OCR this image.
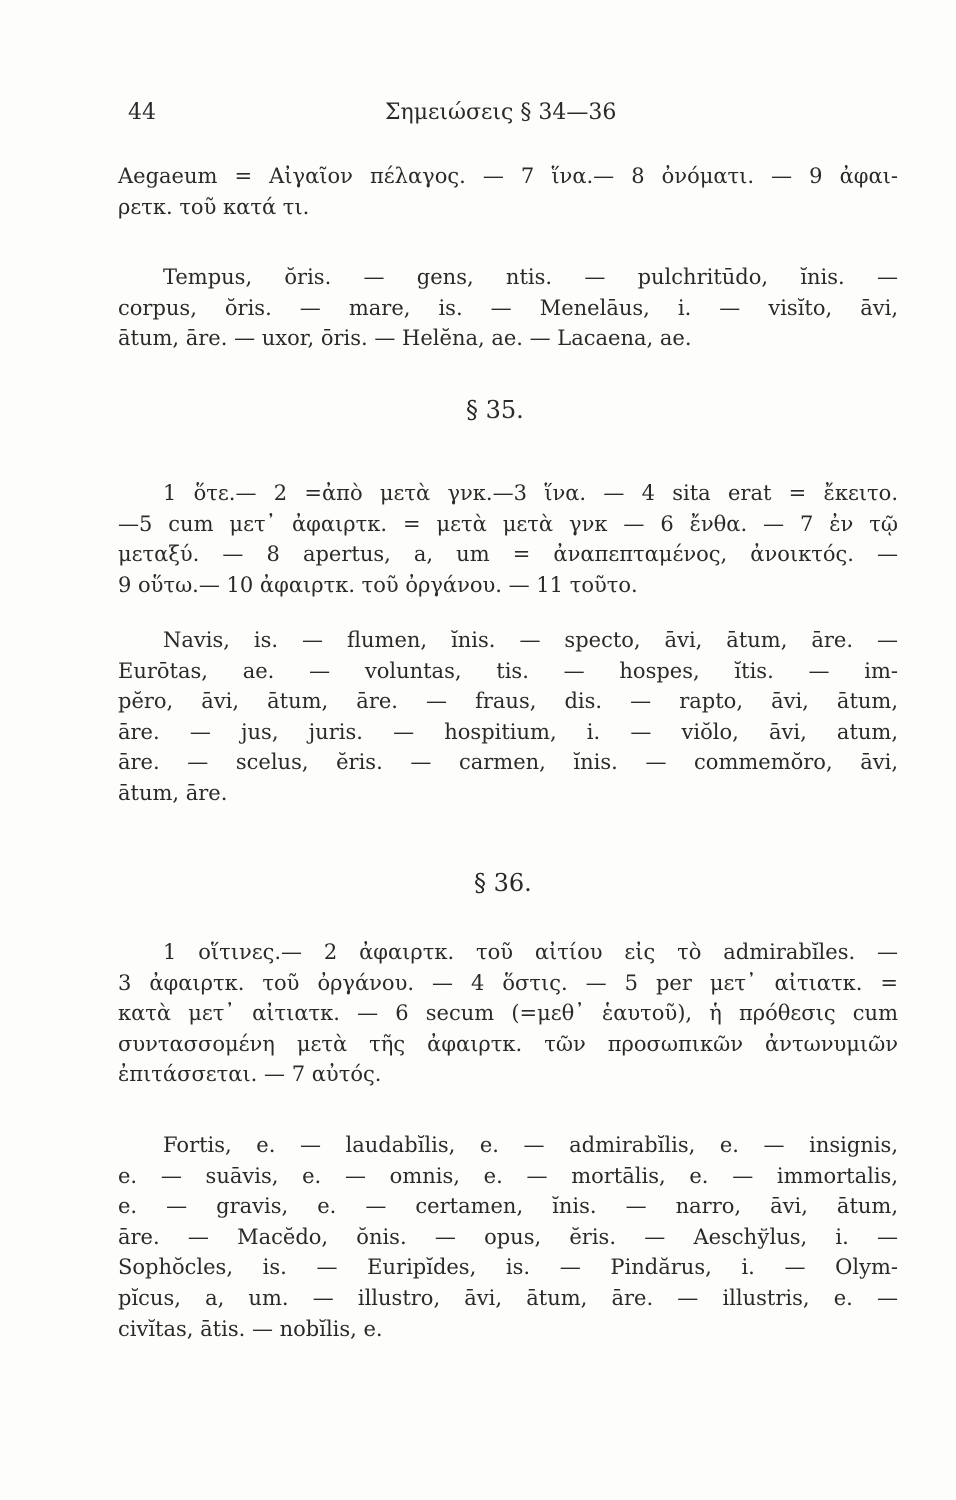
44	Σημειώσεις § 34—36
Aegaeum = Αἰγαῖον πέλαγος. — 7 ἵνα.— 8 ὀνόματι. — 9 ἀφαι-
ρετκ. τοῦ κατά τι.
Tempus, ŏris. — gens, ntis. — pulchritūdo, ĭnis. —
corpus, ŏris. — mare, is. — Menelāus, i. — visĭto, āvi,
ātum, āre. — uxor, ōris. — Helĕna, ae. — Lacaena, ae.
§ 35.
1 ὅτε.— 2 =ἀπὸ μετὰ γνκ.—3 ἵνα. — 4 sita erat = ἔκειτο.
—5 cum μετ᾿ ἀφαιρτκ. = μετὰ μετὰ γνκ — 6 ἔνθα. — 7 ἐν τῷ
μεταξύ. — 8 apertus, a, um = ἀναπεπταμένος, ἀνοικτός. —
9 οὕτω.— 10 ἀφαιρτκ. τοῦ ὀργάνου. — 11 τοῦτο.
Navis, is. — flumen, ĭnis. — specto, āvi, ātum, āre. —
Eurōtas, ae. — voluntas, tis. — hospes, ĭtis. — im-
pĕro, āvi, ātum, āre. — fraus, dis. — rapto, āvi, ātum,
āre. — jus, juris. — hospitium, i. — viŏlo, āvi, atum,
āre. — scelus, ĕris. — carmen, ĭnis. — commemŏro, āvi,
ātum, āre.
§ 36.
1 οἵτινες.— 2 ἀφαιρτκ. τοῦ αἰτίου εἰς τὸ admirabĭles. —
3 ἀφαιρτκ. τοῦ ὀργάνου. — 4 ὅστις. — 5 per μετ᾿ αἰτιατκ. =
κατὰ μετ᾿ αἰτιατκ. — 6 secum (=μεθ᾿ ἑαυτοῦ), ἡ πρόθεσις cum
συντασσομένη μετὰ τῆς ἀφαιρτκ. τῶν προσωπικῶν ἀντωνυμιῶν
ἐπιτάσσεται. — 7 αὐτός.
Fortis, e. — laudabĭlis, e. — admirabĭlis, e. — insignis,
e. — suāvis, e. — omnis, e. — mortālis, e. — immortalis,
e. — gravis, e. — certamen, ĭnis. — narro, āvi, ātum,
āre. — Macĕdo, ŏnis. — opus, ĕris. — Aeschўlus, i. —
Sophŏcles, is. — Euripĭdes, is. — Pindărus, i. — Olym-
pĭcus, a, um. — illustro, āvi, ātum, āre. — illustris, e. —
civĭtas, ātis. — nobĭlis, e.
